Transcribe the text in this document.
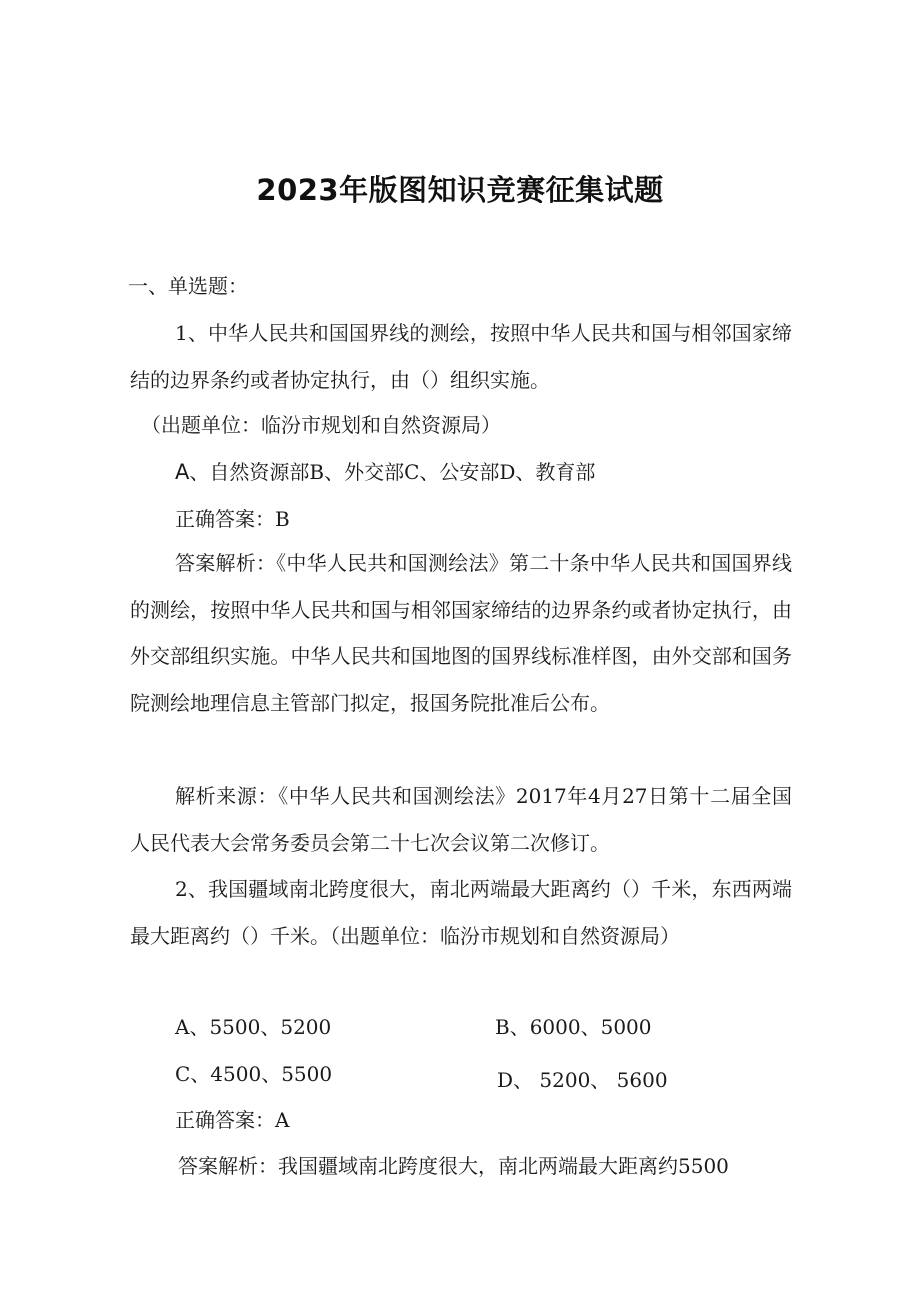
2023年版图知识竞赛征集试题
一、单选题：
1、中华人民共和国国界线的测绘，按照中华人民共和国与相邻国家缔结的边界条约或者协定执行，由（）组织实施。
（出题单位：临汾市规划和自然资源局）
A、自然资源部B、外交部C、公安部D、教育部
正确答案：B
答案解析：《中华人民共和国测绘法》第二十条中华人民共和国国界线的测绘，按照中华人民共和国与相邻国家缔结的边界条约或者协定执行，由外交部组织实施。中华人民共和国地图的国界线标准样图，由外交部和国务院测绘地理信息主管部门拟定，报国务院批准后公布。
解析来源：《中华人民共和国测绘法》2017年4月27日第十二届全国人民代表大会常务委员会第二十七次会议第二次修订。
2、我国疆域南北跨度很大，南北两端最大距离约（）千米，东西两端最大距离约（）千米。（出题单位：临汾市规划和自然资源局）
A、5500、5200	B、6000、5000
C、4500、5500	D、 5200、 5600
正确答案：A
答案解析：我国疆域南北跨度很大，南北两端最大距离约5500
